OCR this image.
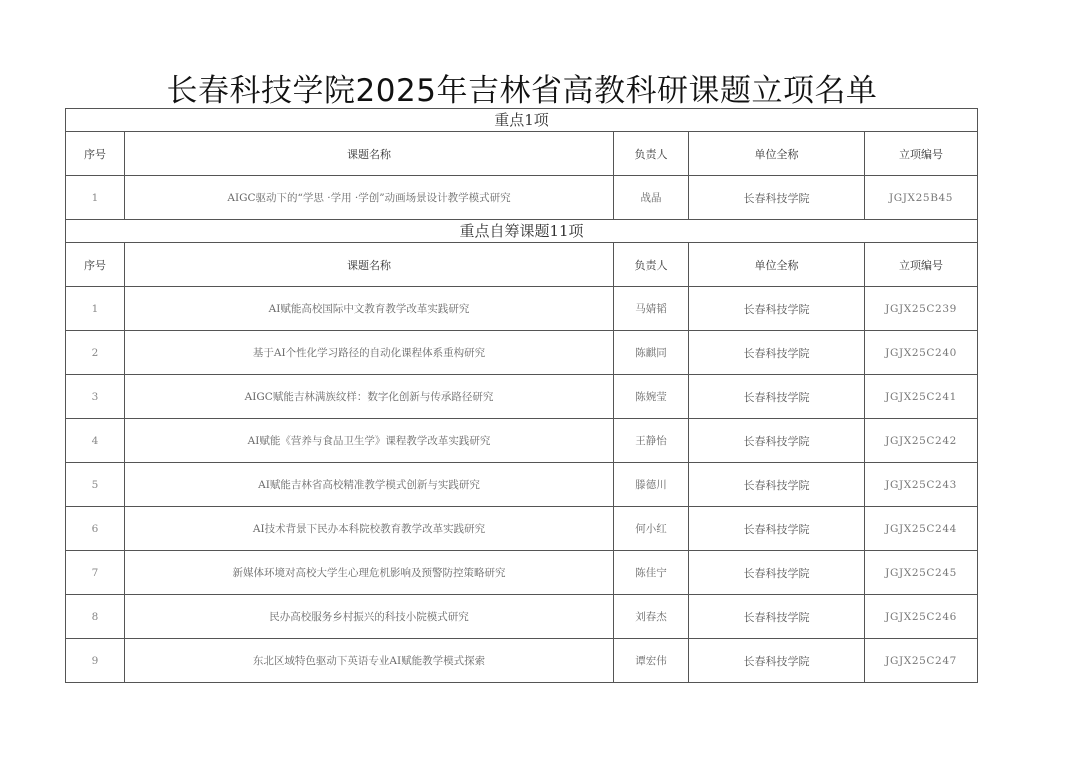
长春科技学院2025年吉林省高教科研课题立项名单
重点1项				
序号	课题名称	负责人	单位全称	立项编号
1	AIGC驱动下的“学思 ·学用 ·学创”动画场景设计教学模式研究	战晶	长春科技学院	JGJX25B45
重点自筹课题11项				
序号	课题名称	负责人	单位全称	立项编号
1	AI赋能高校国际中文教育教学改革实践研究	马婧韬	长春科技学院	JGJX25C239
2	基于AI个性化学习路径的自动化课程体系重构研究	陈麒同	长春科技学院	JGJX25C240
3	AIGC赋能吉林满族纹样：数字化创新与传承路径研究	陈婉莹	长春科技学院	JGJX25C241
4	AI赋能《营养与食品卫生学》课程教学改革实践研究	王静怡	长春科技学院	JGJX25C242
5	AI赋能吉林省高校精准教学模式创新与实践研究	滕德川	长春科技学院	JGJX25C243
6	AI技术背景下民办本科院校教育教学改革实践研究	何小红	长春科技学院	JGJX25C244
7	新媒体环境对高校大学生心理危机影响及预警防控策略研究	陈佳宁	长春科技学院	JGJX25C245
8	民办高校服务乡村振兴的科技小院模式研究	刘春杰	长春科技学院	JGJX25C246
9	东北区域特色驱动下英语专业AI赋能教学模式探索	谭宏伟	长春科技学院	JGJX25C247
